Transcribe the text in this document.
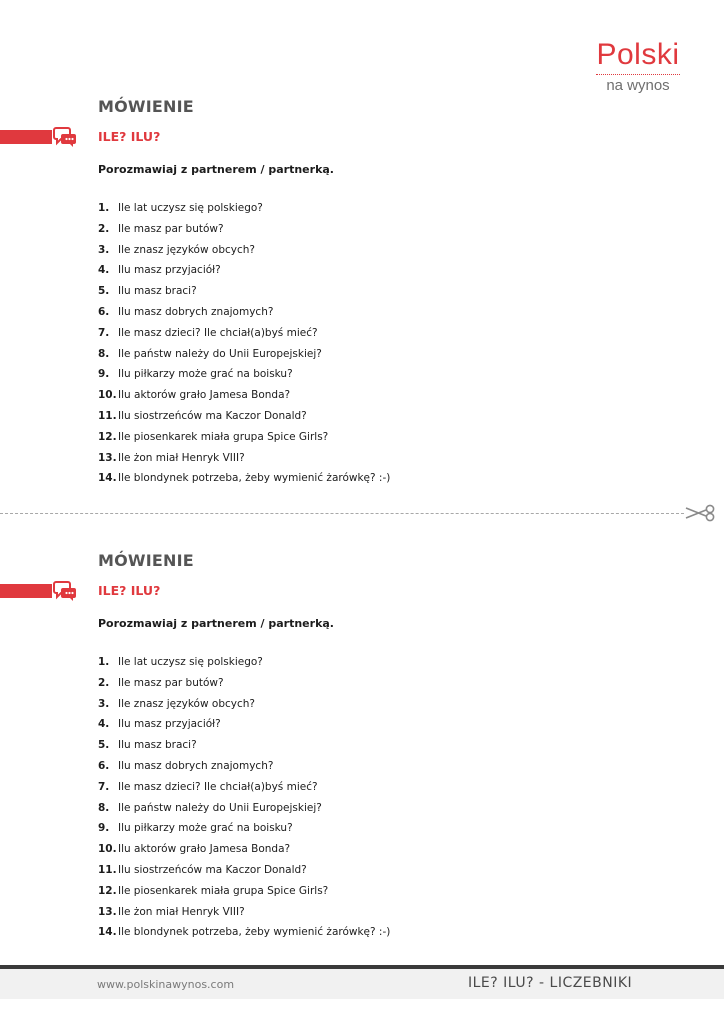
Polski
na wynos
MÓWIENIE
ILE? ILU?
Porozmawiaj z partnerem / partnerką.
1. Ile lat uczysz się polskiego?
2. Ile masz par butów?
3. Ile znasz języków obcych?
4. Ilu masz przyjaciół?
5. Ilu masz braci?
6. Ilu masz dobrych znajomych?
7. Ile masz dzieci? Ile chciał(a)byś mieć?
8. Ile państw należy do Unii Europejskiej?
9. Ilu piłkarzy może grać na boisku?
10.Ilu aktorów grało Jamesa Bonda?
11.Ilu siostrzeńców ma Kaczor Donald?
12.Ile piosenkarek miała grupa Spice Girls?
13.Ile żon miał Henryk VIII?
14.Ile blondynek potrzeba, żeby wymienić żarówkę? :-)
MÓWIENIE
ILE? ILU?
Porozmawiaj z partnerem / partnerką.
1. Ile lat uczysz się polskiego?
2. Ile masz par butów?
3. Ile znasz języków obcych?
4. Ilu masz przyjaciół?
5. Ilu masz braci?
6. Ilu masz dobrych znajomych?
7. Ile masz dzieci? Ile chciał(a)byś mieć?
8. Ile państw należy do Unii Europejskiej?
9. Ilu piłkarzy może grać na boisku?
10.Ilu aktorów grało Jamesa Bonda?
11.Ilu siostrzeńców ma Kaczor Donald?
12.Ile piosenkarek miała grupa Spice Girls?
13.Ile żon miał Henryk VIII?
14.Ile blondynek potrzeba, żeby wymienić żarówkę? :-)
www.polskinawynos.com	ILE? ILU? - LICZEBNIKI
